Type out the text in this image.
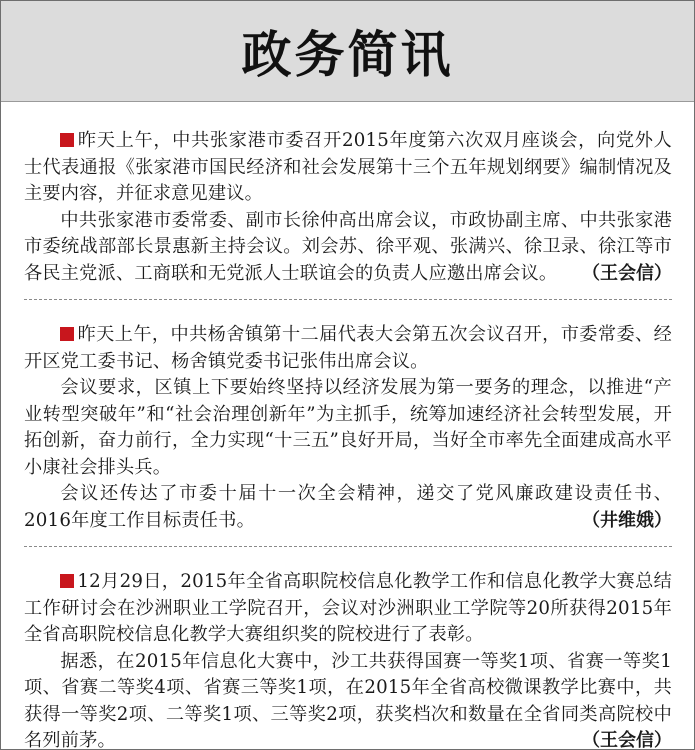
政务简讯

昨天上午，中共张家港市委召开2015年度第六次双月座谈会，向党外人士代表通报《张家港市国民经济和社会发展第十三个五年规划纲要》编制情况及主要内容，并征求意见建议。

中共张家港市委常委、副市长徐仲高出席会议，市政协副主席、中共张家港市委统战部部长景惠新主持会议。刘会苏、徐平观、张满兴、徐卫录、徐江等市各民主党派、工商联和无党派人士联谊会的负责人应邀出席会议。	（王会信）

昨天上午，中共杨舍镇第十二届代表大会第五次会议召开，市委常委、经开区党工委书记、杨舍镇党委书记张伟出席会议。

会议要求，区镇上下要始终坚持以经济发展为第一要务的理念，以推进“产业转型突破年”和“社会治理创新年”为主抓手，统筹加速经济社会转型发展，开拓创新，奋力前行，全力实现“十三五”良好开局，当好全市率先全面建成高水平小康社会排头兵。

会议还传达了市委十届十一次全会精神，递交了党风廉政建设责任书、2016年度工作目标责任书。	（井维娥）

12月29日，2015年全省高职院校信息化教学工作和信息化教学大赛总结工作研讨会在沙洲职业工学院召开，会议对沙洲职业工学院等20所获得2015年全省高职院校信息化教学大赛组织奖的院校进行了表彰。

据悉，在2015年信息化大赛中，沙工共获得国赛一等奖1项、省赛一等奖1项、省赛二等奖4项、省赛三等奖1项，在2015年全省高校微课教学比赛中，共获得一等奖2项、二等奖1项、三等奖2项，获奖档次和数量在全省同类高院校中名列前茅。	（王会信）
